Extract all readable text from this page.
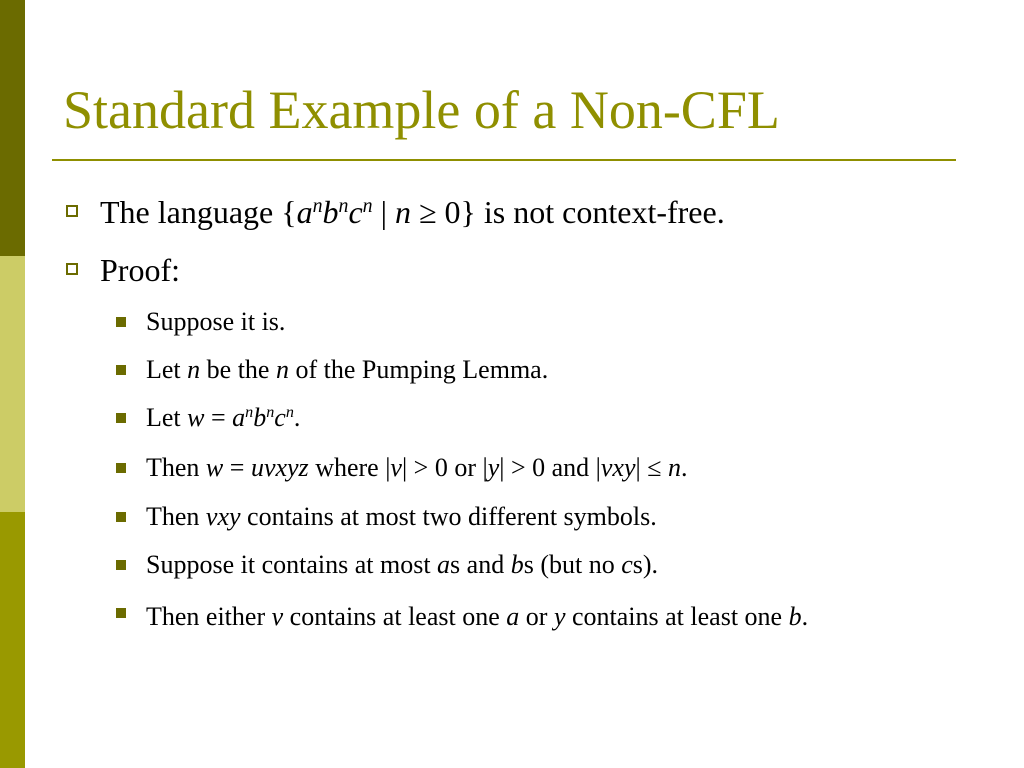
Standard Example of a Non-CFL
The language {$a^nb^nc^n$ | n ≥ 0} is not context-free.
Proof:
Suppose it is.
Let n be the n of the Pumping Lemma.
Let $w = a^nb^nc^n$.
Then w = uvxyz where |v| > 0 or |y| > 0 and |vxy| ≤ n.
Then vxy contains at most two different symbols.
Suppose it contains at most as and bs (but no cs).
Then either v contains at least one a or y contains at least one b.
